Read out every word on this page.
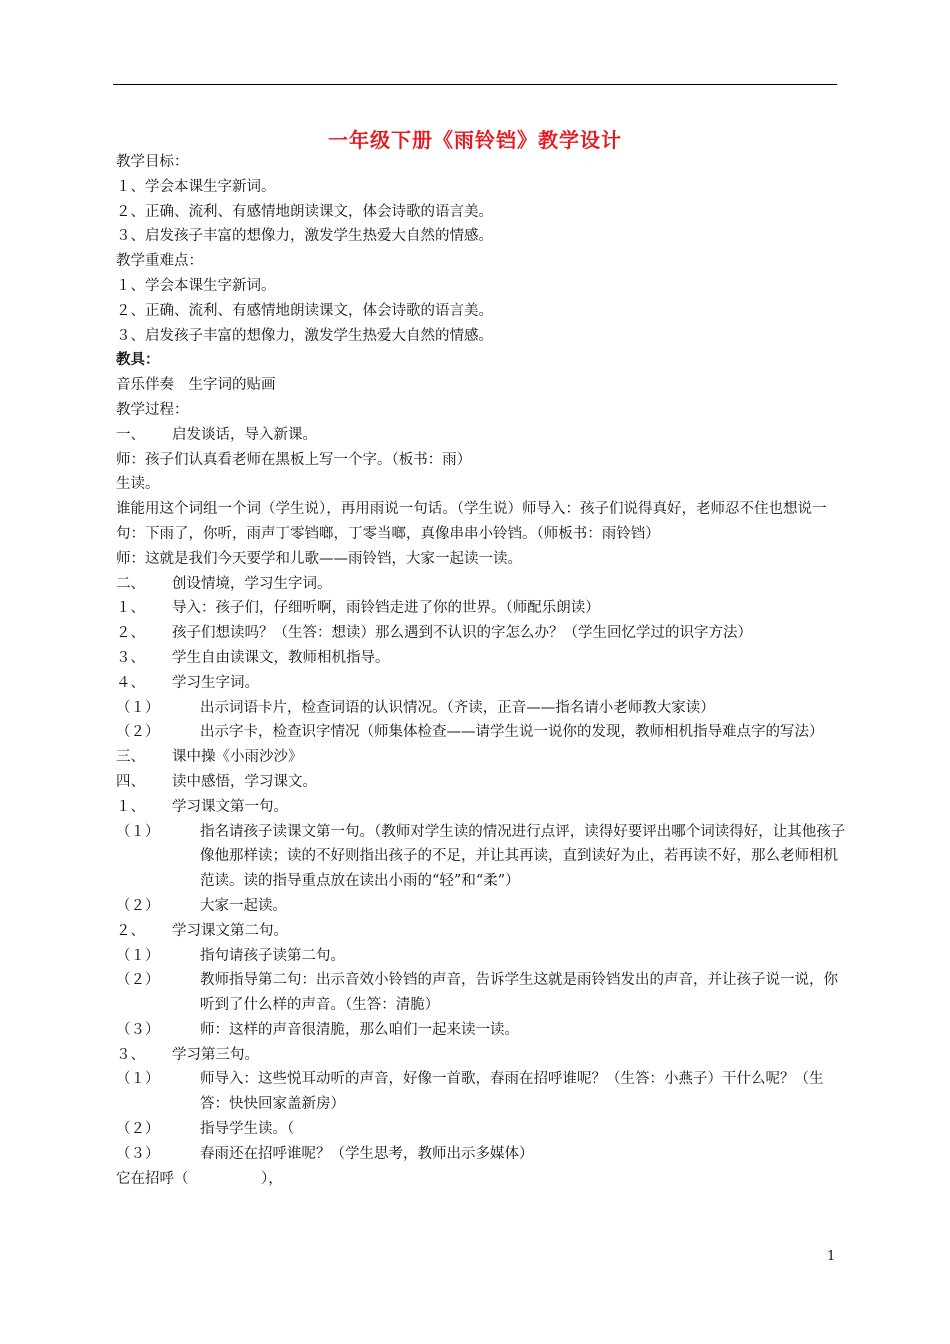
一年级下册《雨铃铛》教学设计
教学目标：
１、学会本课生字新词。
２、正确、流利、有感情地朗读课文，体会诗歌的语言美。
３、启发孩子丰富的想像力，激发学生热爱大自然的情感。
教学重难点：
１、学会本课生字新词。
２、正确、流利、有感情地朗读课文，体会诗歌的语言美。
３、启发孩子丰富的想像力，激发学生热爱大自然的情感。
教具：
音乐伴奏　生字词的贴画
教学过程：
一、	启发谈话，导入新课。
师：孩子们认真看老师在黑板上写一个字。（板书：雨）
生读。
谁能用这个词组一个词（学生说），再用雨说一句话。（学生说）师导入：孩子们说得真好，老师忍不住也想说一句：下雨了，你听，雨声丁零铛啷，丁零当啷，真像串串小铃铛。（师板书：雨铃铛）
师：这就是我们今天要学和儿歌——雨铃铛，大家一起读一读。
二、	创设情境，学习生字词。
１、	导入：孩子们，仔细听啊，雨铃铛走进了你的世界。（师配乐朗读）
２、	孩子们想读吗？（生答：想读）那么遇到不认识的字怎么办？（学生回忆学过的识字方法）
３、	学生自由读课文，教师相机指导。
４、	学习生字词。
（１）	出示词语卡片，检查词语的认识情况。（齐读，正音——指名请小老师教大家读）
（２）	出示字卡，检查识字情况（师集体检查——请学生说一说你的发现，教师相机指导难点字的写法）
三、	课中操《小雨沙沙》
四、	读中感悟，学习课文。
１、	学习课文第一句。
（１）	指名请孩子读课文第一句。（教师对学生读的情况进行点评，读得好要评出哪个词读得好，让其他孩子像他那样读；读的不好则指出孩子的不足，并让其再读，直到读好为止，若再读不好，那么老师相机范读。读的指导重点放在读出小雨的“轻”和“柔”）
（２）	大家一起读。
２、	学习课文第二句。
（１）	指句请孩子读第二句。
（２）	教师指导第二句：出示音效小铃铛的声音，告诉学生这就是雨铃铛发出的声音，并让孩子说一说，你听到了什么样的声音。（生答：清脆）
（３）	师：这样的声音很清脆，那么咱们一起来读一读。
３、	学习第三句。
（１）	师导入：这些悦耳动听的声音，好像一首歌，春雨在招呼谁呢？（生答：小燕子）干什么呢？（生答：快快回家盖新房）
（２）	指导学生读。（
（３）	春雨还在招呼谁呢？（学生思考，教师出示多媒体）
它在招呼（　　　　　），
1
